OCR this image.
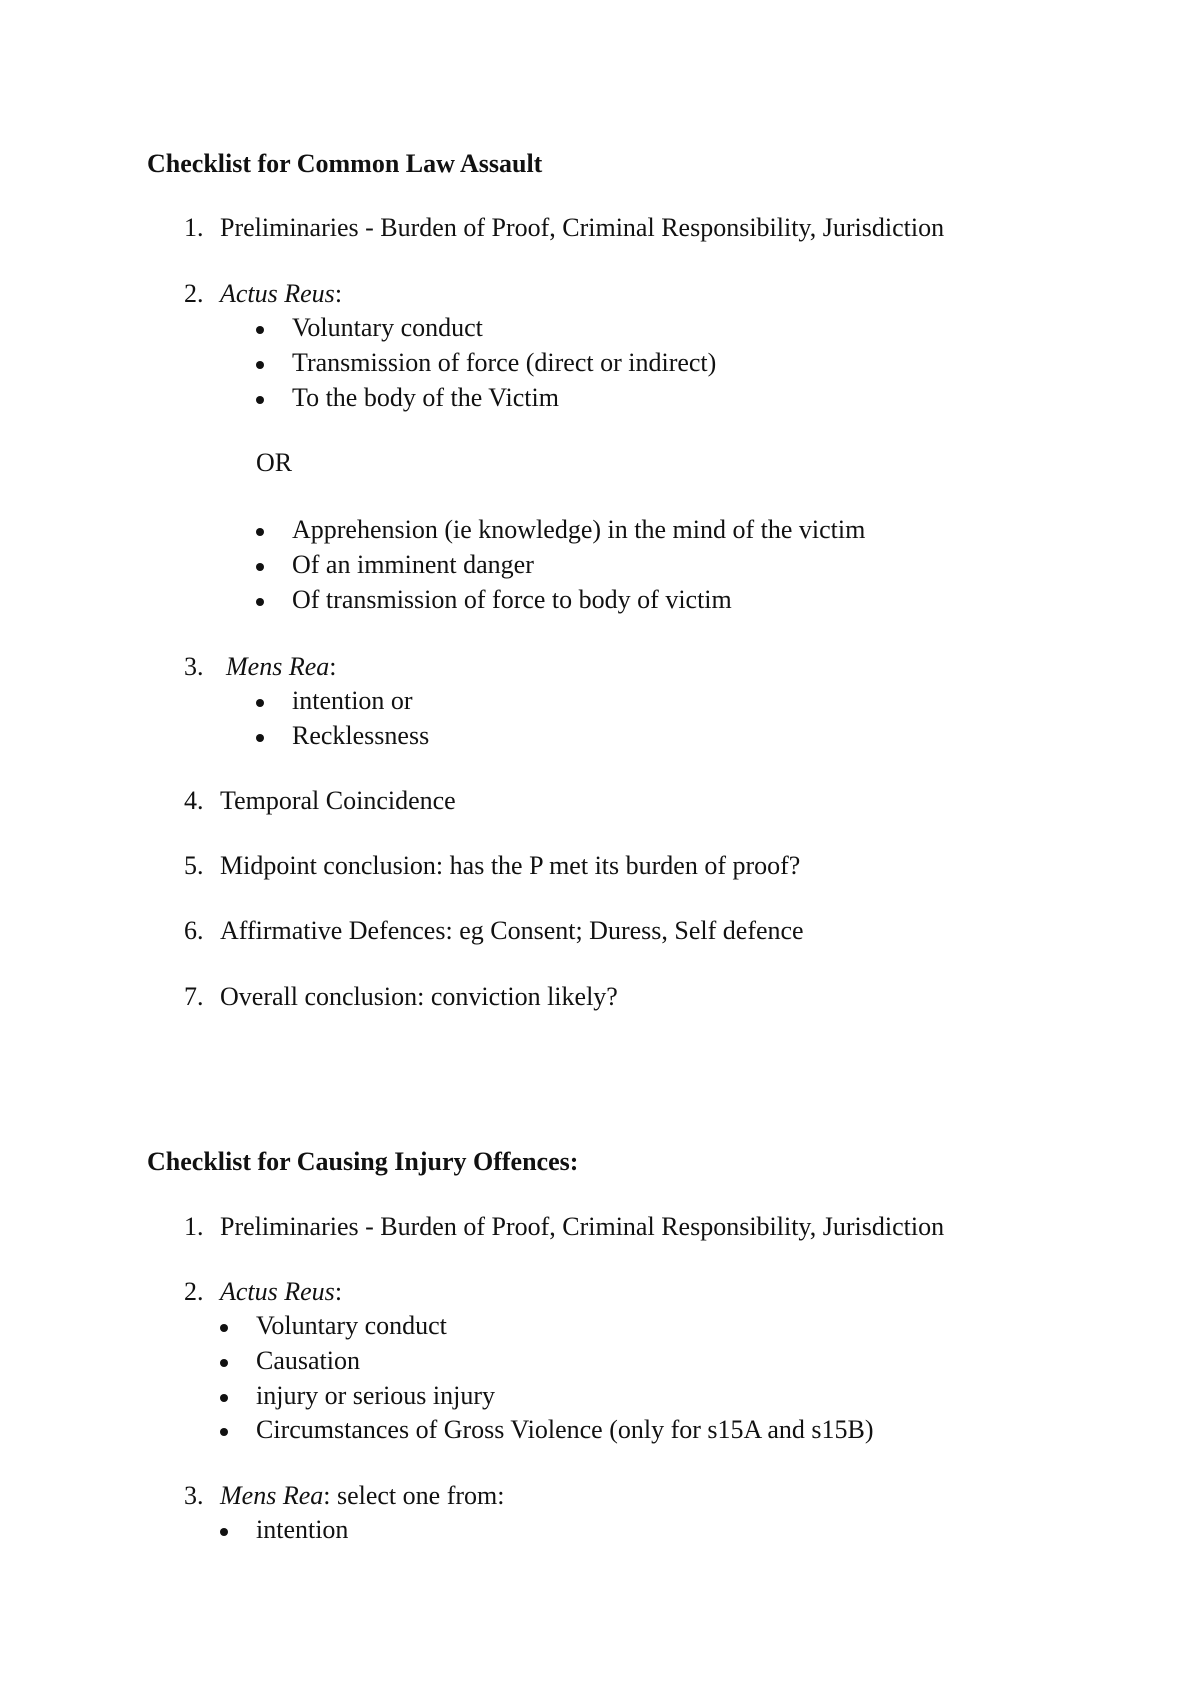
Checklist for Common Law Assault
1. Preliminaries - Burden of Proof, Criminal Responsibility, Jurisdiction
2. Actus Reus:
Voluntary conduct
Transmission of force (direct or indirect)
To the body of the Victim
OR
Apprehension (ie knowledge) in the mind of the victim
Of an imminent danger
Of transmission of force to body of victim
3. Mens Rea:
intention or
Recklessness
4. Temporal Coincidence
5. Midpoint conclusion: has the P met its burden of proof?
6. Affirmative Defences: eg Consent; Duress, Self defence
7. Overall conclusion: conviction likely?
Checklist for Causing Injury Offences:
1. Preliminaries - Burden of Proof, Criminal Responsibility, Jurisdiction
2. Actus Reus:
Voluntary conduct
Causation
injury or serious injury
Circumstances of Gross Violence (only for s15A and s15B)
3. Mens Rea: select one from:
intention
